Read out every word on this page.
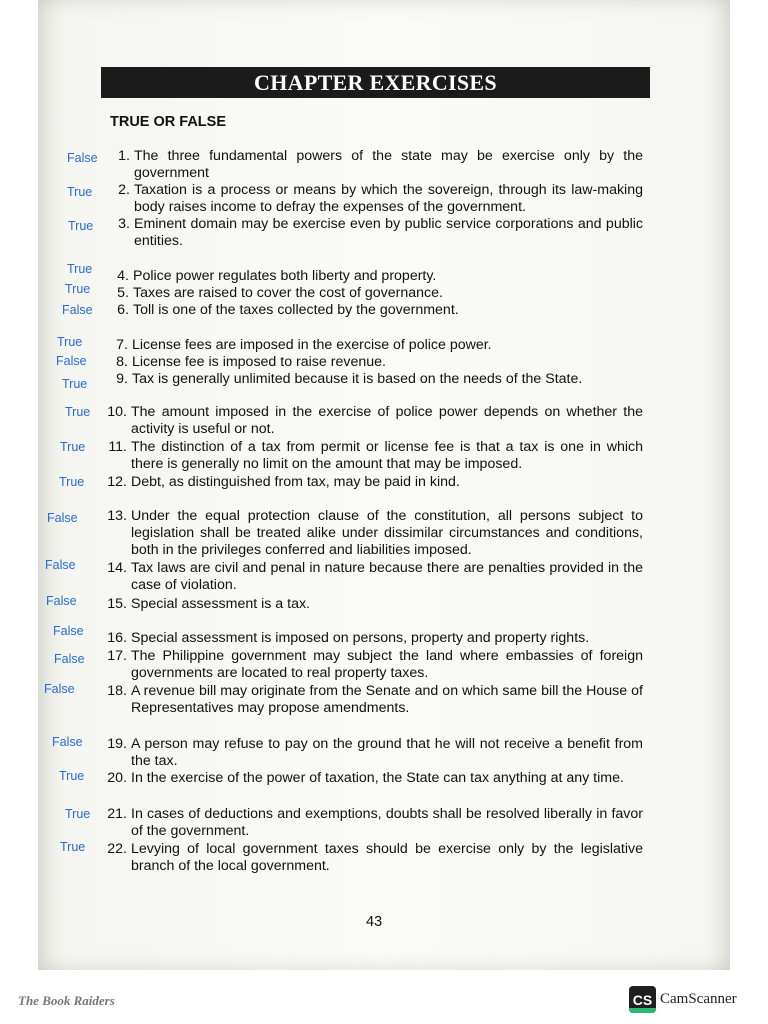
CHAPTER EXERCISES
TRUE OR FALSE
1. The three fundamental powers of the state may be exercise only by the government
2. Taxation is a process or means by which the sovereign, through its law-making body raises income to defray the expenses of the government.
3. Eminent domain may be exercise even by public service corporations and public entities.
4. Police power regulates both liberty and property.
5. Taxes are raised to cover the cost of governance.
6. Toll is one of the taxes collected by the government.
7. License fees are imposed in the exercise of police power.
8. License fee is imposed to raise revenue.
9. Tax is generally unlimited because it is based on the needs of the State.
10. The amount imposed in the exercise of police power depends on whether the activity is useful or not.
11. The distinction of a tax from permit or license fee is that a tax is one in which there is generally no limit on the amount that may be imposed.
12. Debt, as distinguished from tax, may be paid in kind.
13. Under the equal protection clause of the constitution, all persons subject to legislation shall be treated alike under dissimilar circumstances and conditions, both in the privileges conferred and liabilities imposed.
14. Tax laws are civil and penal in nature because there are penalties provided in the case of violation.
15. Special assessment is a tax.
16. Special assessment is imposed on persons, property and property rights.
17. The Philippine government may subject the land where embassies of foreign governments are located to real property taxes.
18. A revenue bill may originate from the Senate and on which same bill the House of Representatives may propose amendments.
19. A person may refuse to pay on the ground that he will not receive a benefit from the tax.
20. In the exercise of the power of taxation, the State can tax anything at any time.
21. In cases of deductions and exemptions, doubts shall be resolved liberally in favor of the government.
22. Levying of local government taxes should be exercise only by the legislative branch of the local government.
False
True
True
True
True
False
True
False
True
True
True
True
False
False
False
False
False
False
False
True
True
True
43
The Book Raiders	CS CamScanner
